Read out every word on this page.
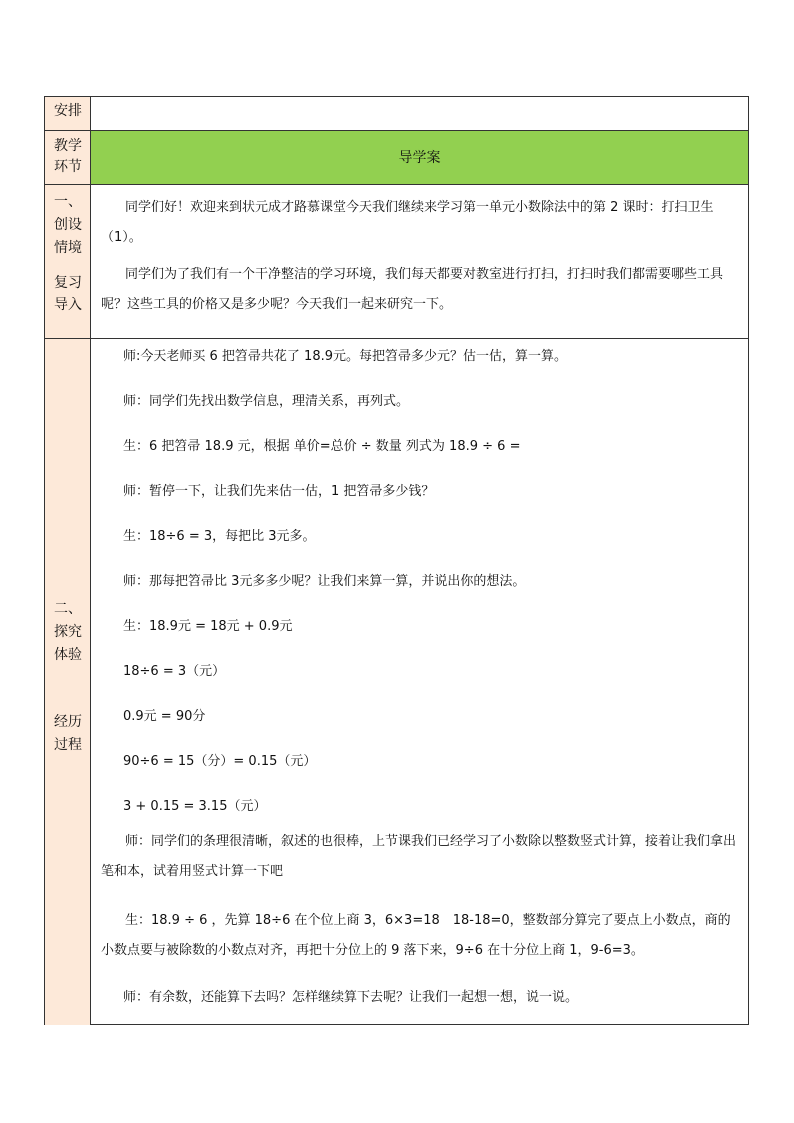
安排
教学
环节
导学案
一、
创设
情境
复习
导入
同学们好！欢迎来到状元成才路慕课堂今天我们继续来学习第一单元小数除法中的第 2 课时：打扫卫生（1）。
同学们为了我们有一个干净整洁的学习环境，我们每天都要对教室进行打扫，打扫时我们都需要哪些工具呢？这些工具的价格又是多少呢？今天我们一起来研究一下。
二、
探究
体验
经历
过程
师:今天老师买 6 把笤帚共花了 18.9元。每把笤帚多少元？估一估，算一算。
师：同学们先找出数学信息，理清关系，再列式。
生：6 把笤帚 18.9 元，根据 单价=总价 ÷ 数量 列式为 18.9 ÷ 6 =
师：暂停一下，让我们先来估一估，1 把笤帚多少钱？
生：18÷6 = 3，每把比 3元多。
师：那每把笤帚比 3元多多少呢？让我们来算一算，并说出你的想法。
生：18.9元 = 18元 + 0.9元
18÷6 = 3（元）
0.9元 = 90分
90÷6 = 15（分）= 0.15（元）
3 + 0.15 = 3.15（元）
师：同学们的条理很清晰，叙述的也很棒，上节课我们已经学习了小数除以整数竖式计算，接着让我们拿出笔和本，试着用竖式计算一下吧
生：18.9 ÷ 6 ，先算 18÷6 在个位上商 3，6×3=18　18-18=0，整数部分算完了要点上小数点，商的小数点要与被除数的小数点对齐，再把十分位上的 9 落下来，9÷6 在十分位上商 1，9-6=3。
师：有余数，还能算下去吗？怎样继续算下去呢？让我们一起想一想，说一说。
